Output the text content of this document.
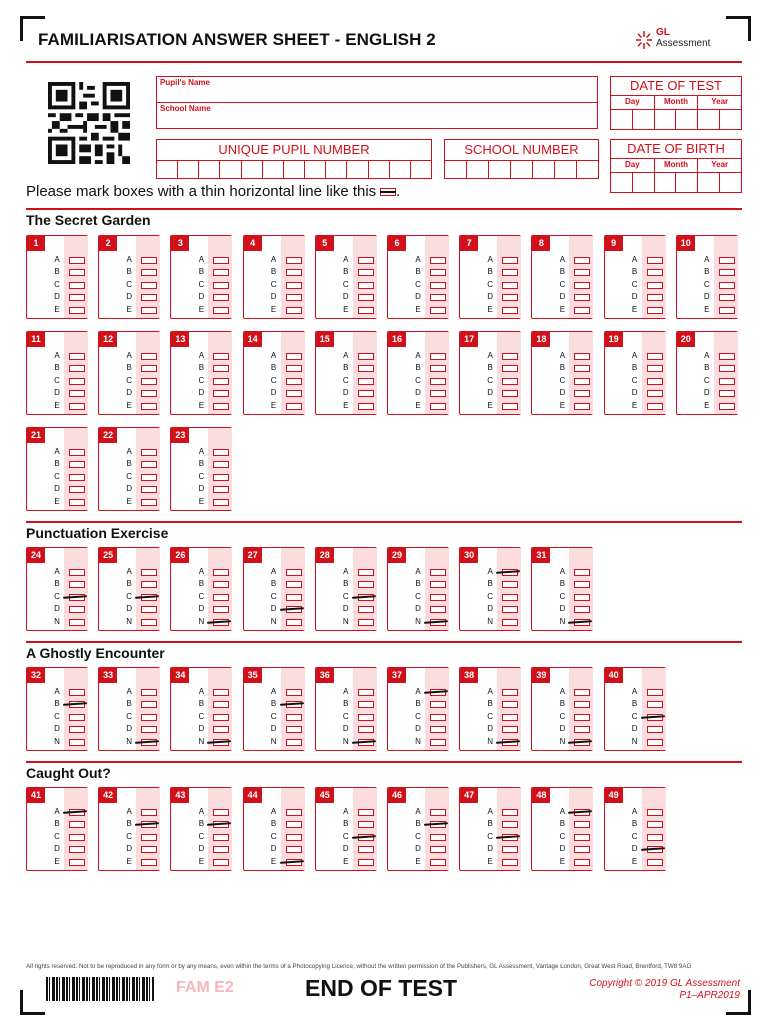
FAMILIARISATION ANSWER SHEET - ENGLISH 2	GL
Assessment
Pupil's Name
School Name
DATE OF TEST
Day	Month	Year
UNIQUE PUPIL NUMBER	SCHOOL NUMBER	DATE OF BIRTH
Day	Month	Year
Please mark boxes with a thin horizontal line like this .
The Secret Garden
1
A
B
C
D
E
2
A
B
C
D
E
3
A
B
C
D
E
4
A
B
C
D
E
5
A
B
C
D
E
6
A
B
C
D
E
7
A
B
C
D
E
8
A
B
C
D
E
9
A
B
C
D
E
10
A
B
C
D
E
11
A
B
C
D
E
12
A
B
C
D
E
13
A
B
C
D
E
14
A
B
C
D
E
15
A
B
C
D
E
16
A
B
C
D
E
17
A
B
C
D
E
18
A
B
C
D
E
19
A
B
C
D
E
20
A
B
C
D
E
21
A
B
C
D
E
22
A
B
C
D
E
23
A
B
C
D
E
Punctuation Exercise
24
A
B
C
D
N
25
A
B
C
D
N
26
A
B
C
D
N
27
A
B
C
D
N
28
A
B
C
D
N
29
A
B
C
D
N
30
A
B
C
D
N
31
A
B
C
D
N
A Ghostly Encounter
32
A
B
C
D
N
33
A
B
C
D
N
34
A
B
C
D
N
35
A
B
C
D
N
36
A
B
C
D
N
37
A
B
C
D
N
38
A
B
C
D
N
39
A
B
C
D
N
40
A
B
C
D
N
Caught Out?
41
A
B
C
D
E
42
A
B
C
D
E
43
A
B
C
D
E
44
A
B
C
D
E
45
A
B
C
D
E
46
A
B
C
D
E
47
A
B
C
D
E
48
A
B
C
D
E
49
A
B
C
D
E
All rights reserved. Not to be reproduced in any form or by any means, even within the terms of a Photocopying Licence, without the written permission of the Publishers, GL Assessment, Vantage London, Great West Road, Brentford, TW8 9AG
FAM E2	END OF TEST	Copyright © 2019 GL Assessment
P1–APR2019
